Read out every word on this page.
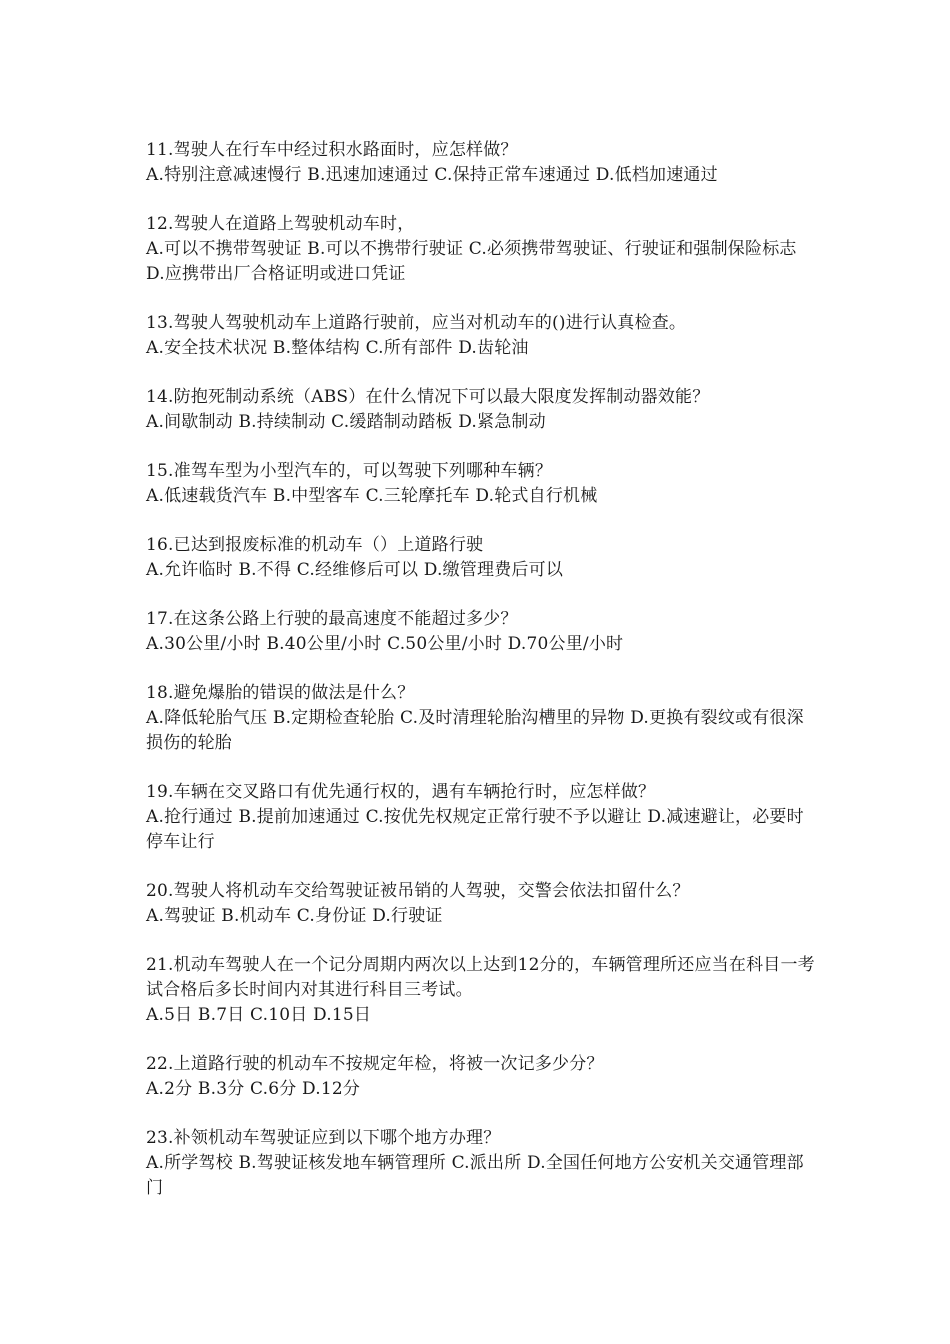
11.驾驶人在行车中经过积水路面时，应怎样做？
A.特别注意减速慢行 B.迅速加速通过 C.保持正常车速通过 D.低档加速通过
12.驾驶人在道路上驾驶机动车时，
A.可以不携带驾驶证 B.可以不携带行驶证 C.必须携带驾驶证、行驶证和强制保险标志 D.应携带出厂合格证明或进口凭证
13.驾驶人驾驶机动车上道路行驶前，应当对机动车的()进行认真检查。
A.安全技术状况 B.整体结构 C.所有部件 D.齿轮油
14.防抱死制动系统（ABS）在什么情况下可以最大限度发挥制动器效能？
A.间歇制动 B.持续制动 C.缓踏制动踏板 D.紧急制动
15.准驾车型为小型汽车的，可以驾驶下列哪种车辆？
A.低速载货汽车 B.中型客车 C.三轮摩托车 D.轮式自行机械
16.已达到报废标准的机动车（）上道路行驶
A.允许临时 B.不得 C.经维修后可以 D.缴管理费后可以
17.在这条公路上行驶的最高速度不能超过多少？
A.30公里/小时 B.40公里/小时 C.50公里/小时 D.70公里/小时
18.避免爆胎的错误的做法是什么？
A.降低轮胎气压 B.定期检查轮胎 C.及时清理轮胎沟槽里的异物 D.更换有裂纹或有很深损伤的轮胎
19.车辆在交叉路口有优先通行权的，遇有车辆抢行时，应怎样做？
A.抢行通过 B.提前加速通过 C.按优先权规定正常行驶不予以避让 D.减速避让，必要时停车让行
20.驾驶人将机动车交给驾驶证被吊销的人驾驶，交警会依法扣留什么？
A.驾驶证 B.机动车 C.身份证 D.行驶证
21.机动车驾驶人在一个记分周期内两次以上达到12分的，车辆管理所还应当在科目一考试合格后多长时间内对其进行科目三考试。
A.5日 B.7日 C.10日 D.15日
22.上道路行驶的机动车不按规定年检，将被一次记多少分？
A.2分 B.3分 C.6分 D.12分
23.补领机动车驾驶证应到以下哪个地方办理？
A.所学驾校 B.驾驶证核发地车辆管理所 C.派出所 D.全国任何地方公安机关交通管理部门
